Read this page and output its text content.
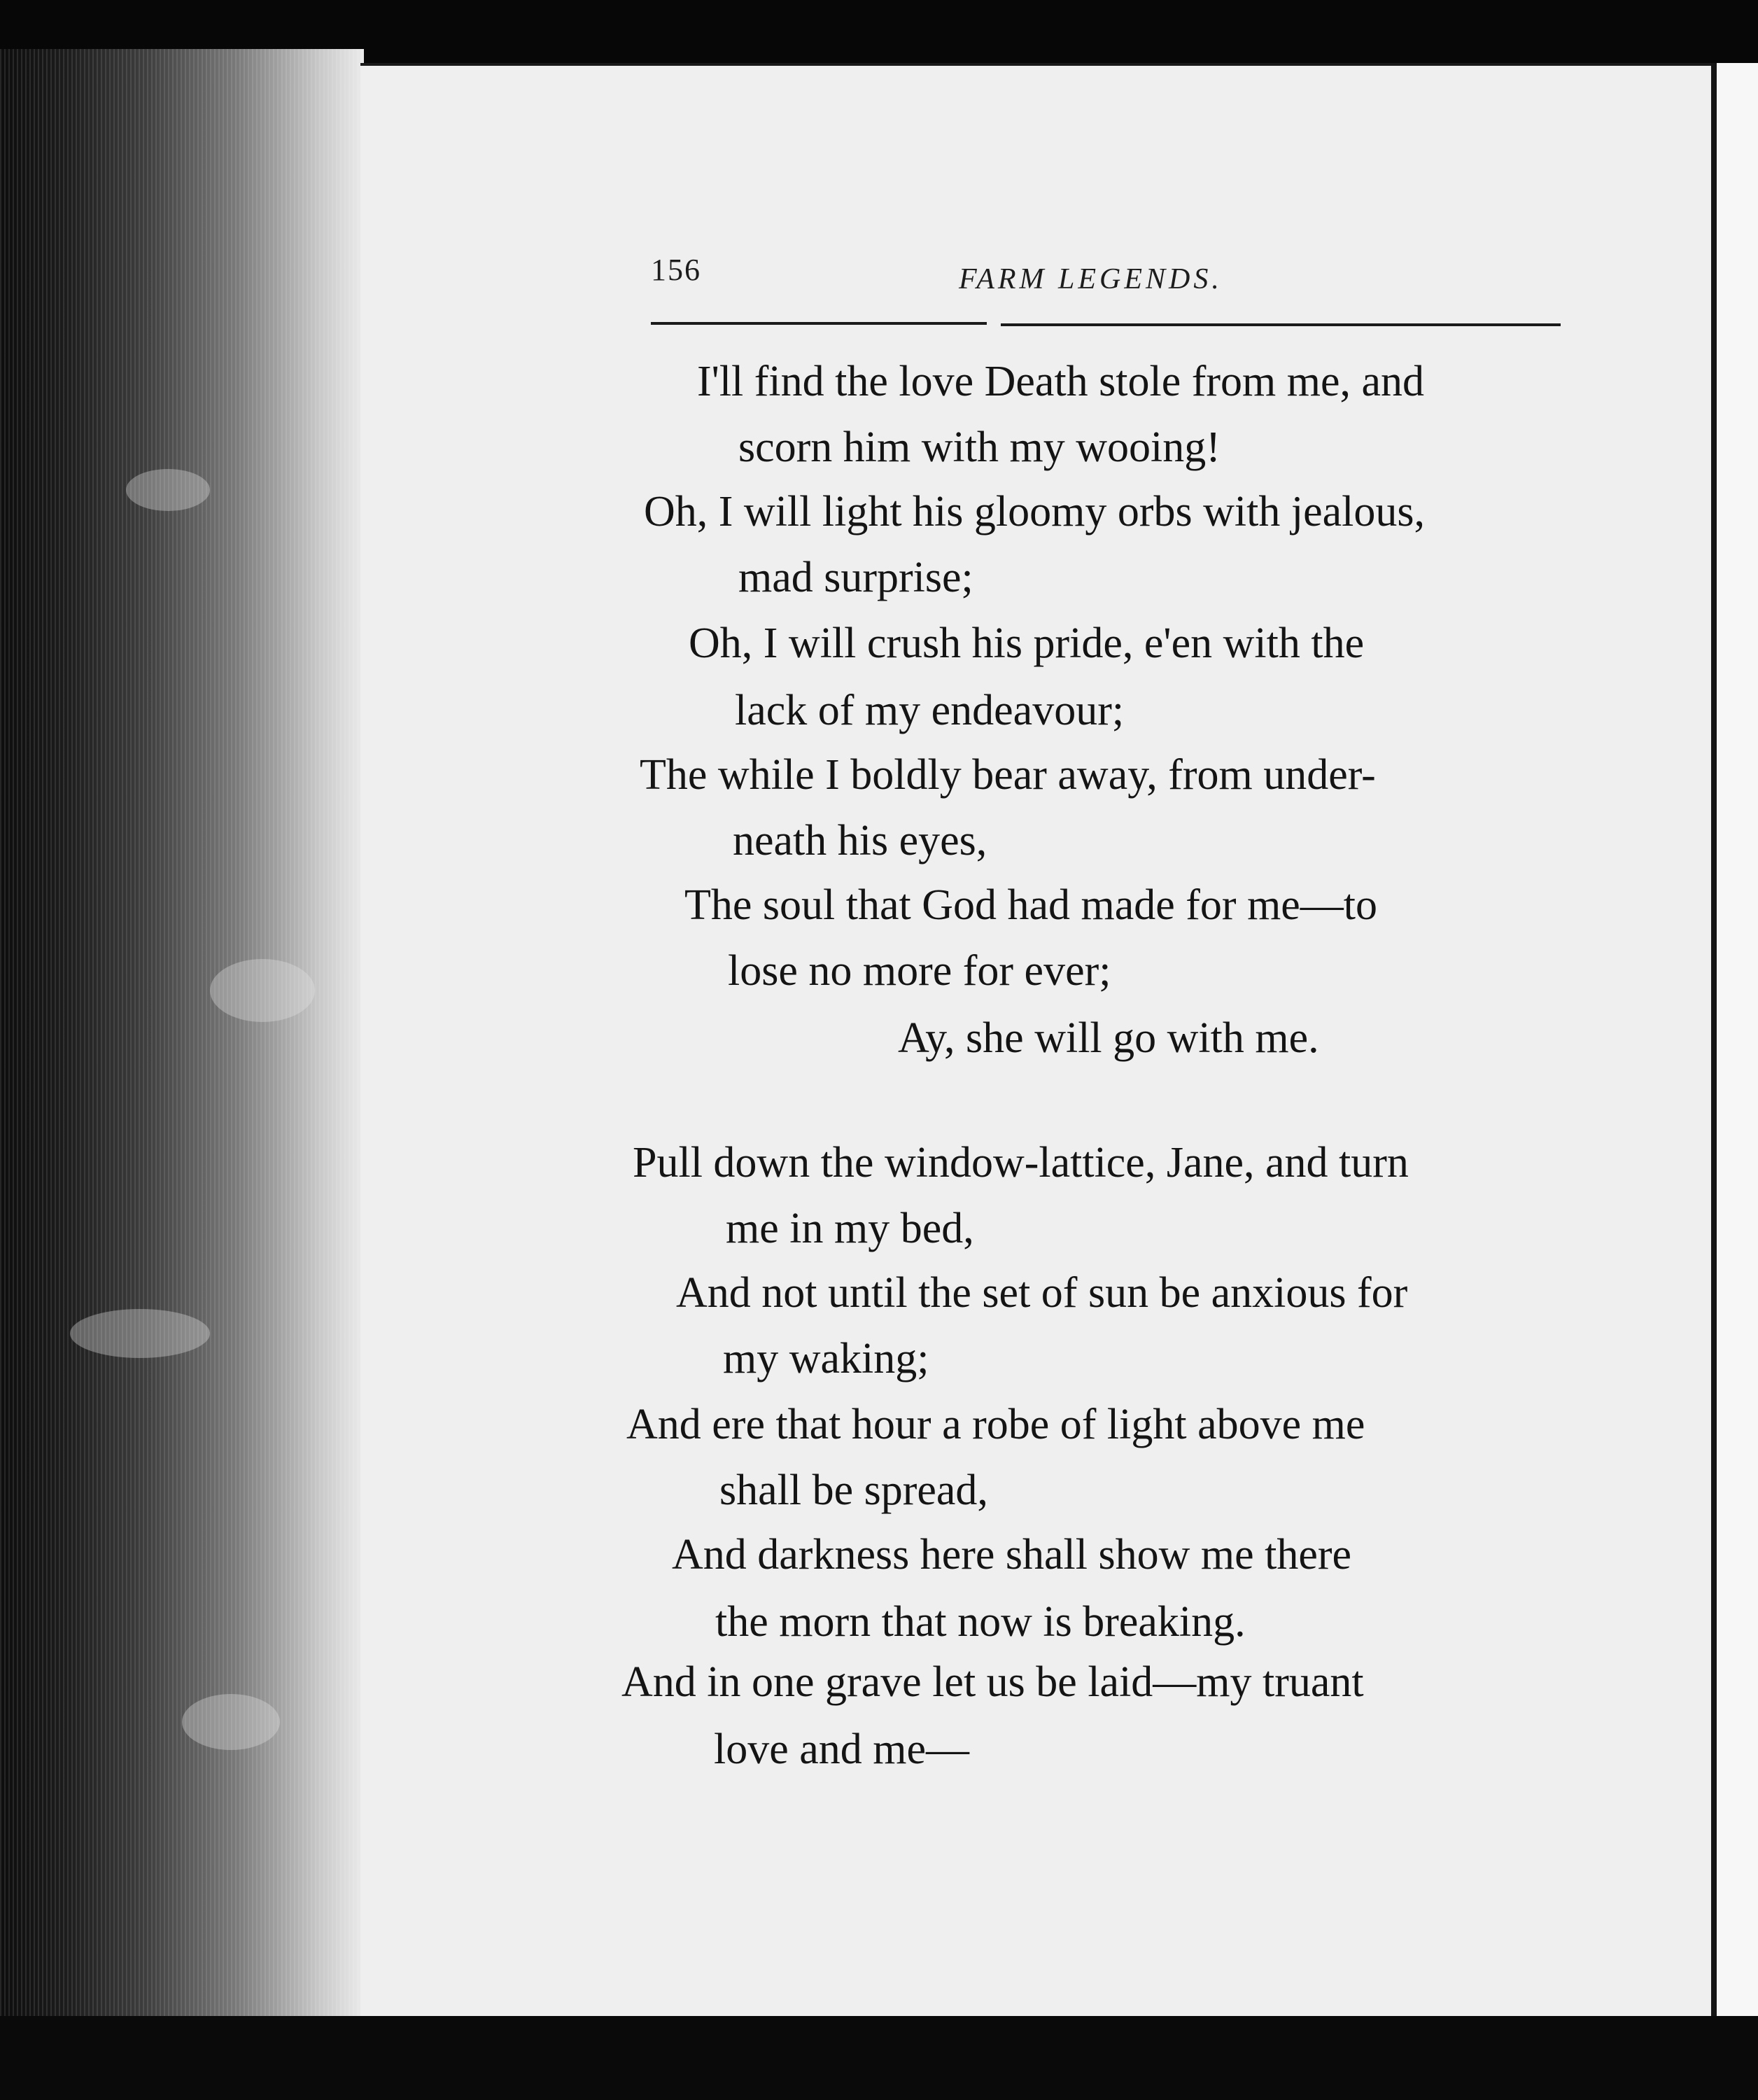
156	FARM LEGENDS.
I'll find the love Death stole from me, and
scorn him with my wooing!
Oh, I will light his gloomy orbs with jealous,
mad surprise;
Oh, I will crush his pride, e'en with the
lack of my endeavour;
The while I boldly bear away, from under-
neath his eyes,
The soul that God had made for me—to
lose no more for ever;
Ay, she will go with me.
Pull down the window-lattice, Jane, and turn
me in my bed,
And not until the set of sun be anxious for
my waking;
And ere that hour a robe of light above me
shall be spread,
And darkness here shall show me there
the morn that now is breaking.
And in one grave let us be laid—my truant
love and me—
